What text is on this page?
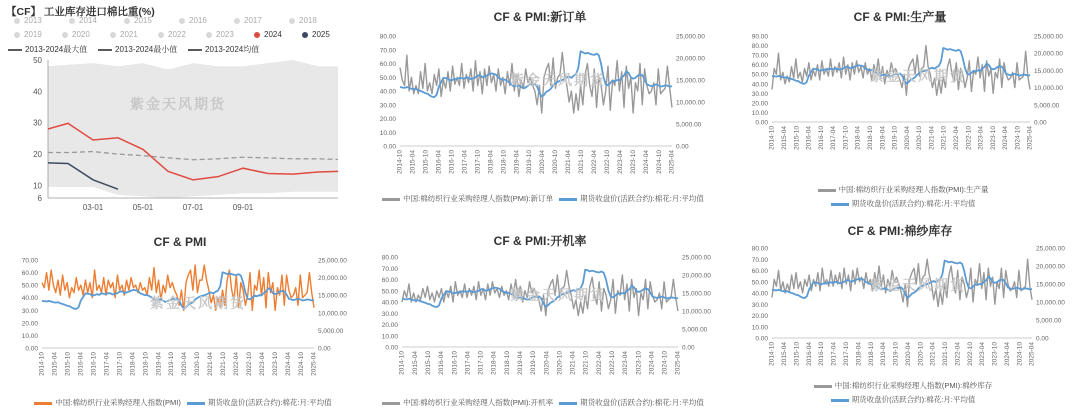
【CF】 工业库存进口棉比重(%)
2013	2014	2015	2016	2017	2018
2019	2020	2021	2022	2023	2024	2025
2013-2024最大值	2013-2024最小值	2013-2024均值
6
10
20
30
40
50
03-01	05-01	07-01	09-01
紫金天风期货
CF & PMI:新订单
0.00
10.00
20.00
30.00
40.00
50.00
60.00
70.00
80.00
0.00
5,000.00
10,000.00
15,000.00
20,000.00
25,000.00
2014-10 2015-04 2015-10 2016-04 2016-10 2017-04 2017-10 2018-04 2018-10 2019-04 2019-10 2020-04 2020-10 2021-04 2021-10 2022-04 2022-10 2023-04 2023-10 2024-04 2024-10 2025-04
中国:棉纺织行业采购经理人指数(PMI):新订单	期货收盘价(活跃合约):棉花:月:平均值
紫金天风期货
CF & PMI:生产量
0.00
10.00
20.00
30.00
40.00
50.00
60.00
70.00
80.00
90.00
0.00
5,000.00
10,000.00
15,000.00
20,000.00
25,000.00
2014-10 2015-04 2015-10 2016-04 2016-10 2017-04 2017-10 2018-04 2018-10 2019-04 2019-10 2020-04 2020-10 2021-04 2021-10 2022-04 2022-10 2023-04 2023-10 2024-04 2024-10 2025-04
中国:棉纺织行业采购经理人指数(PMI):生产量
期货收盘价(活跃合约):棉花:月:平均值
紫金天风期货
CF & PMI
0.00
10.00
20.00
30.00
40.00
50.00
60.00
70.00
0.00
5,000.00
10,000.00
15,000.00
20,000.00
25,000.00
2014-10 2015-04 2015-10 2016-04 2016-10 2017-04 2017-10 2018-04 2018-10 2019-04 2019-10 2020-04 2020-10 2021-04 2021-10 2022-04 2022-10 2023-04 2023-10 2024-04 2024-10 2025-04
中国:棉纺织行业采购经理人指数(PMI)	期货收盘价(活跃合约):棉花:月:平均值
紫金天风期货
CF & PMI:开机率
0.00
10.00
20.00
30.00
40.00
50.00
60.00
70.00
80.00
0.00
5,000.00
10,000.00
15,000.00
20,000.00
25,000.00
2014-10 2015-04 2015-10 2016-04 2016-10 2017-04 2017-10 2018-04 2018-10 2019-04 2019-10 2020-04 2020-10 2021-04 2021-10 2022-04 2022-10 2023-04 2023-10 2024-04 2024-10 2025-04
中国:棉纺织行业采购经理人指数(PMI):开机率	期货收盘价(活跃合约):棉花:月:平均值
紫金天风期货
CF & PMI:棉纱库存
0.00
10.00
20.00
30.00
40.00
50.00
60.00
70.00
80.00
0.00
5,000.00
10,000.00
15,000.00
20,000.00
25,000.00
2014-10 2015-04 2015-10 2016-04 2016-10 2017-04 2017-10 2018-04 2018-10 2019-04 2019-10 2020-04 2020-10 2021-04 2021-10 2022-04 2022-10 2023-04 2023-10 2024-04 2024-10 2025-04
中国:棉纺织行业采购经理人指数(PMI):棉纱库存
期货收盘价(活跃合约):棉花:月:平均值
紫金天风期货
